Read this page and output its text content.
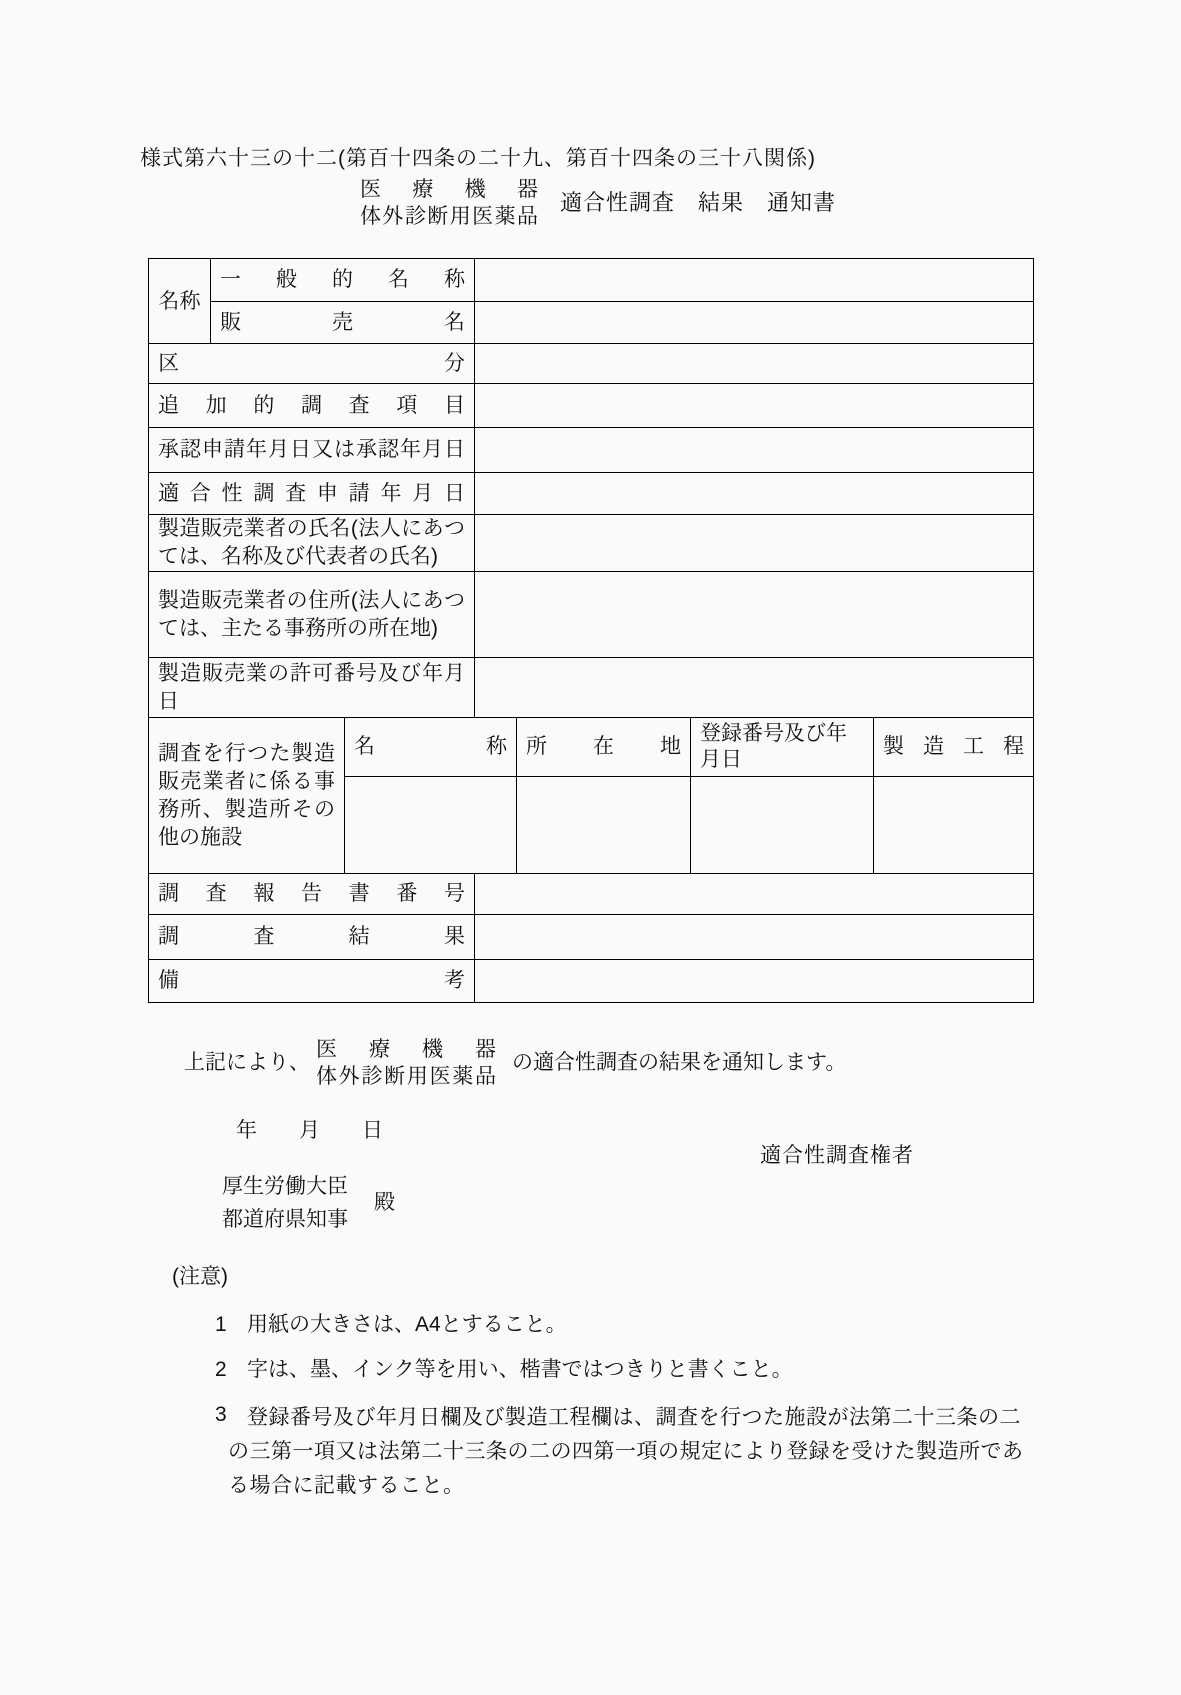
様式第六十三の十二(第百十四条の二十九、第百十四条の三十八関係)
医療機器
体外診断用医薬品
適合性調査　結果　通知書
名称
一般的名称
販売名
区分
追加的調査項目
承認申請年月日又は承認年月日
適合性調査申請年月日
製造販売業者の氏名(法人にあつては、名称及び代表者の氏名)
製造販売業者の住所(法人にあつては、主たる事務所の所在地)
製造販売業の許可番号及び年月日
調査を行つた製造販売業者に係る事務所、製造所その他の施設
名称 所在地
登録番号及び年月日
製造工程
調査報告書番号
調査結果
備考
上記により、
医療機器
体外診断用医薬品
の適合性調査の結果を通知します。
年　　月　　日
適合性調査権者
厚生労働大臣
都道府県知事
殿
(注意)
1 用紙の大きさは、A4とすること。
2 字は、墨、インク等を用い、楷書ではつきりと書くこと。
3 登録番号及び年月日欄及び製造工程欄は、調査を行つた施設が法第二十三条の二の三第一項又は法第二十三条の二の四第一項の規定により登録を受けた製造所である場合に記載すること。
